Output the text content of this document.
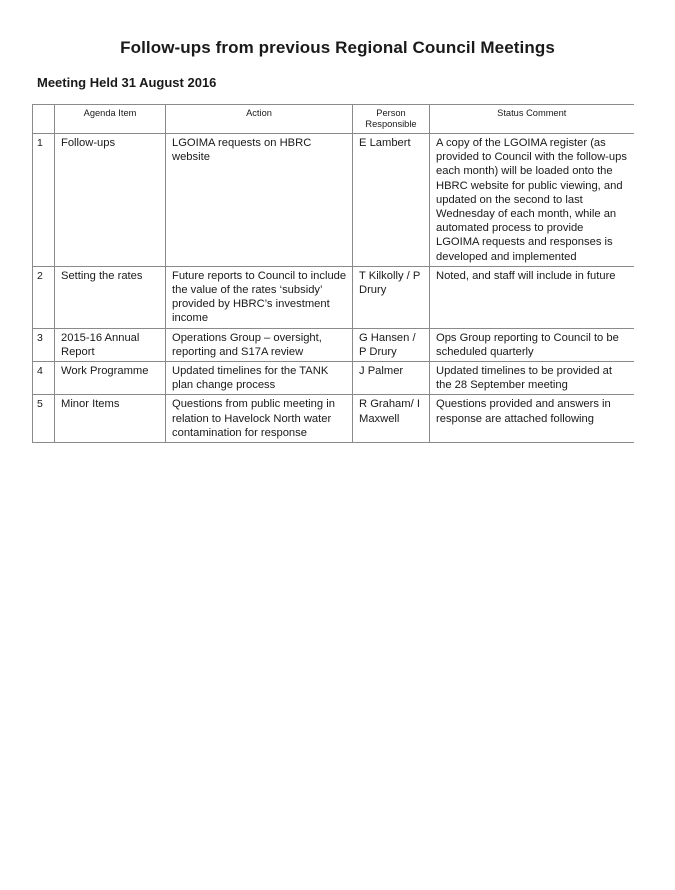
Follow-ups from previous Regional Council Meetings
Meeting Held 31 August 2016
	Agenda Item	Action	Person Responsible	Status Comment
1	Follow-ups	LGOIMA requests on HBRC website	E Lambert	A copy of the LGOIMA register (as provided to Council with the follow-ups each month) will be loaded onto the HBRC website for public viewing, and updated on the second to last Wednesday of each month, while an automated process to provide LGOIMA requests and responses is developed and implemented
2	Setting the rates	Future reports to Council to include the value of the rates ‘subsidy’ provided by HBRC’s investment income	T Kilkolly / P Drury	Noted, and staff will include in future
3	2015-16 Annual Report	Operations Group – oversight, reporting and S17A review	G Hansen / P Drury	Ops Group reporting to Council to be scheduled quarterly
4	Work Programme	Updated timelines for the TANK plan change process	J Palmer	Updated timelines to be provided at the 28 September meeting
5	Minor Items	Questions from public meeting in relation to Havelock North water contamination for response	R Graham/ I Maxwell	Questions provided and answers in response are attached following
